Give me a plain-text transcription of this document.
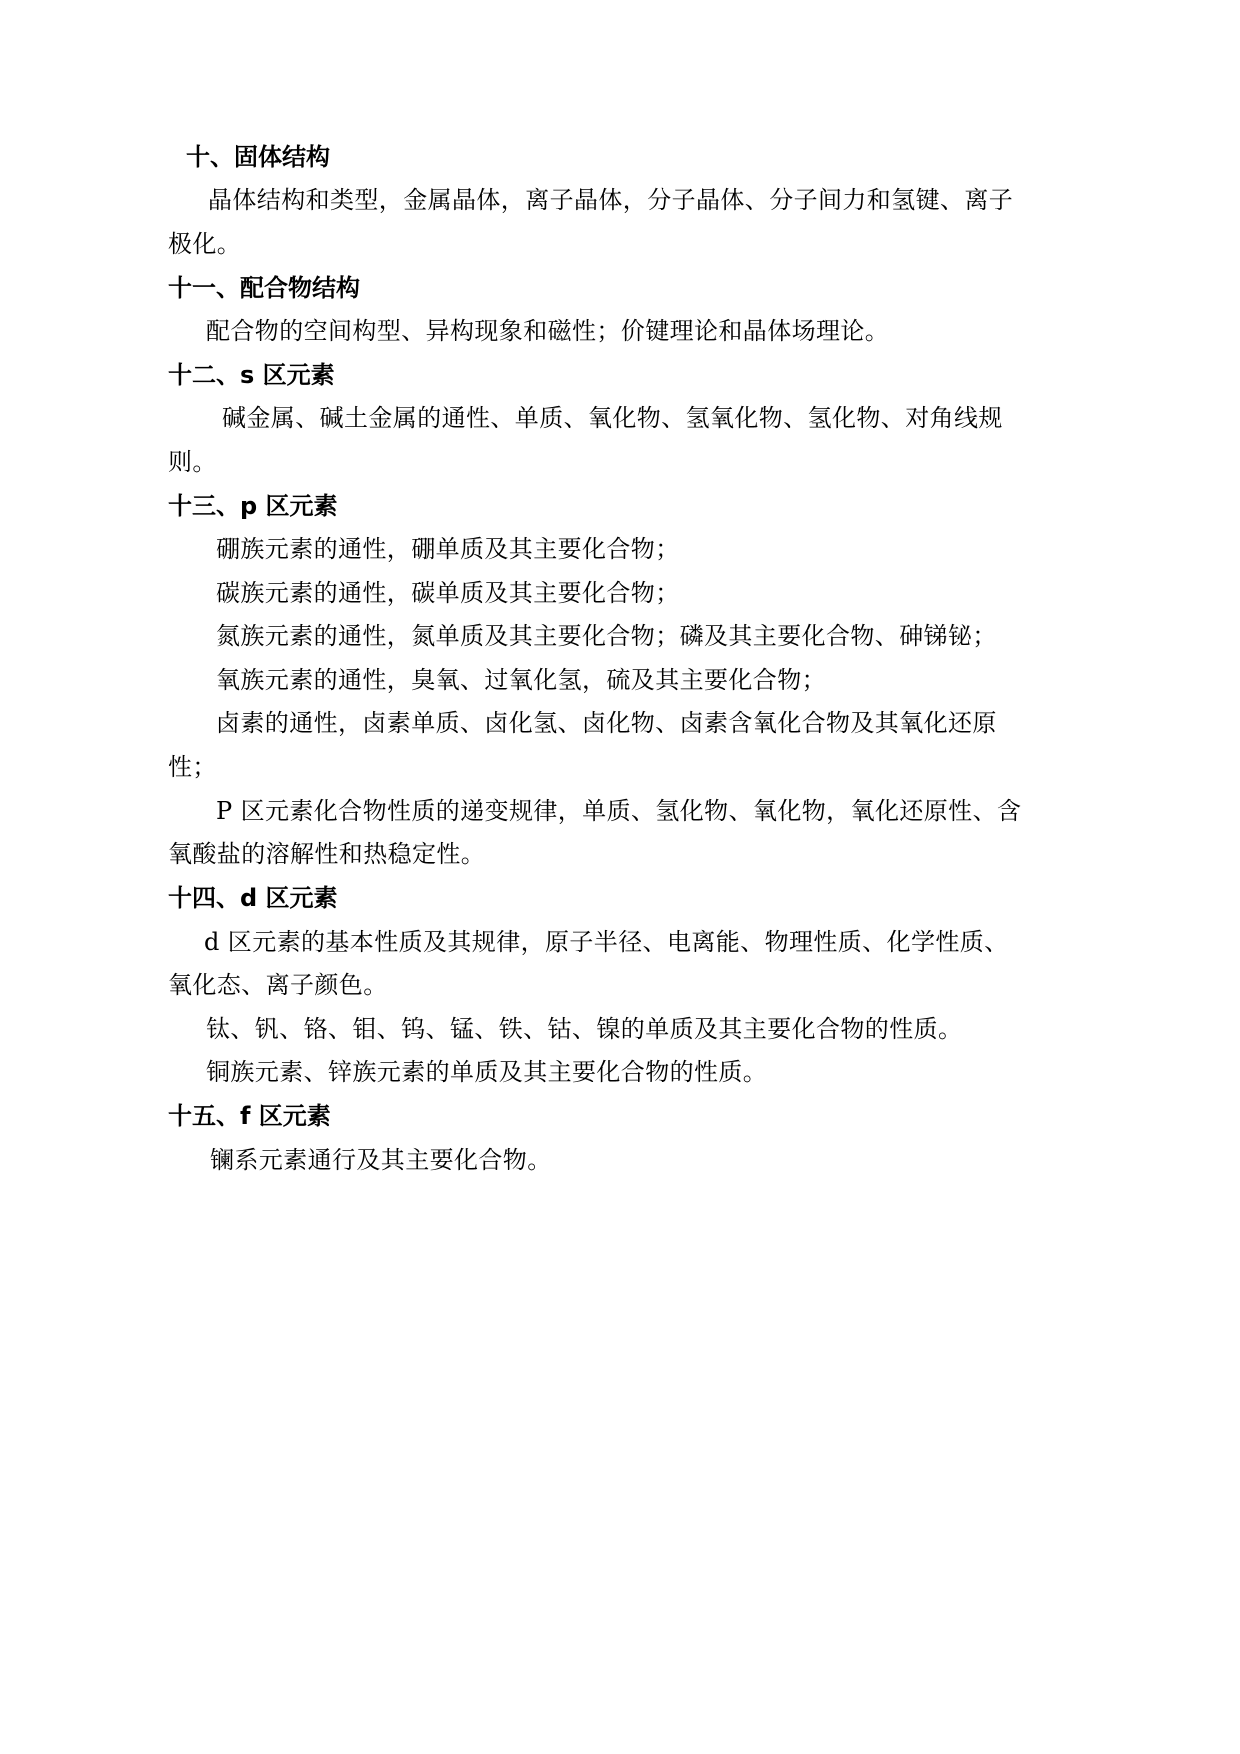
十、固体结构
晶体结构和类型，金属晶体，离子晶体，分子晶体、分子间力和氢键、离子
极化。
十一、配合物结构
配合物的空间构型、异构现象和磁性；价键理论和晶体场理论。
十二、s 区元素
碱金属、碱土金属的通性、单质、氧化物、氢氧化物、氢化物、对角线规
则。
十三、p 区元素
硼族元素的通性，硼单质及其主要化合物；
碳族元素的通性，碳单质及其主要化合物；
氮族元素的通性，氮单质及其主要化合物；磷及其主要化合物、砷锑铋；
氧族元素的通性，臭氧、过氧化氢，硫及其主要化合物；
卤素的通性，卤素单质、卤化氢、卤化物、卤素含氧化合物及其氧化还原
性；
P 区元素化合物性质的递变规律，单质、氢化物、氧化物，氧化还原性、含
氧酸盐的溶解性和热稳定性。
十四、d 区元素
d 区元素的基本性质及其规律，原子半径、电离能、物理性质、化学性质、
氧化态、离子颜色。
钛、钒、铬、钼、钨、锰、铁、钴、镍的单质及其主要化合物的性质。
铜族元素、锌族元素的单质及其主要化合物的性质。
十五、f 区元素
镧系元素通行及其主要化合物。
